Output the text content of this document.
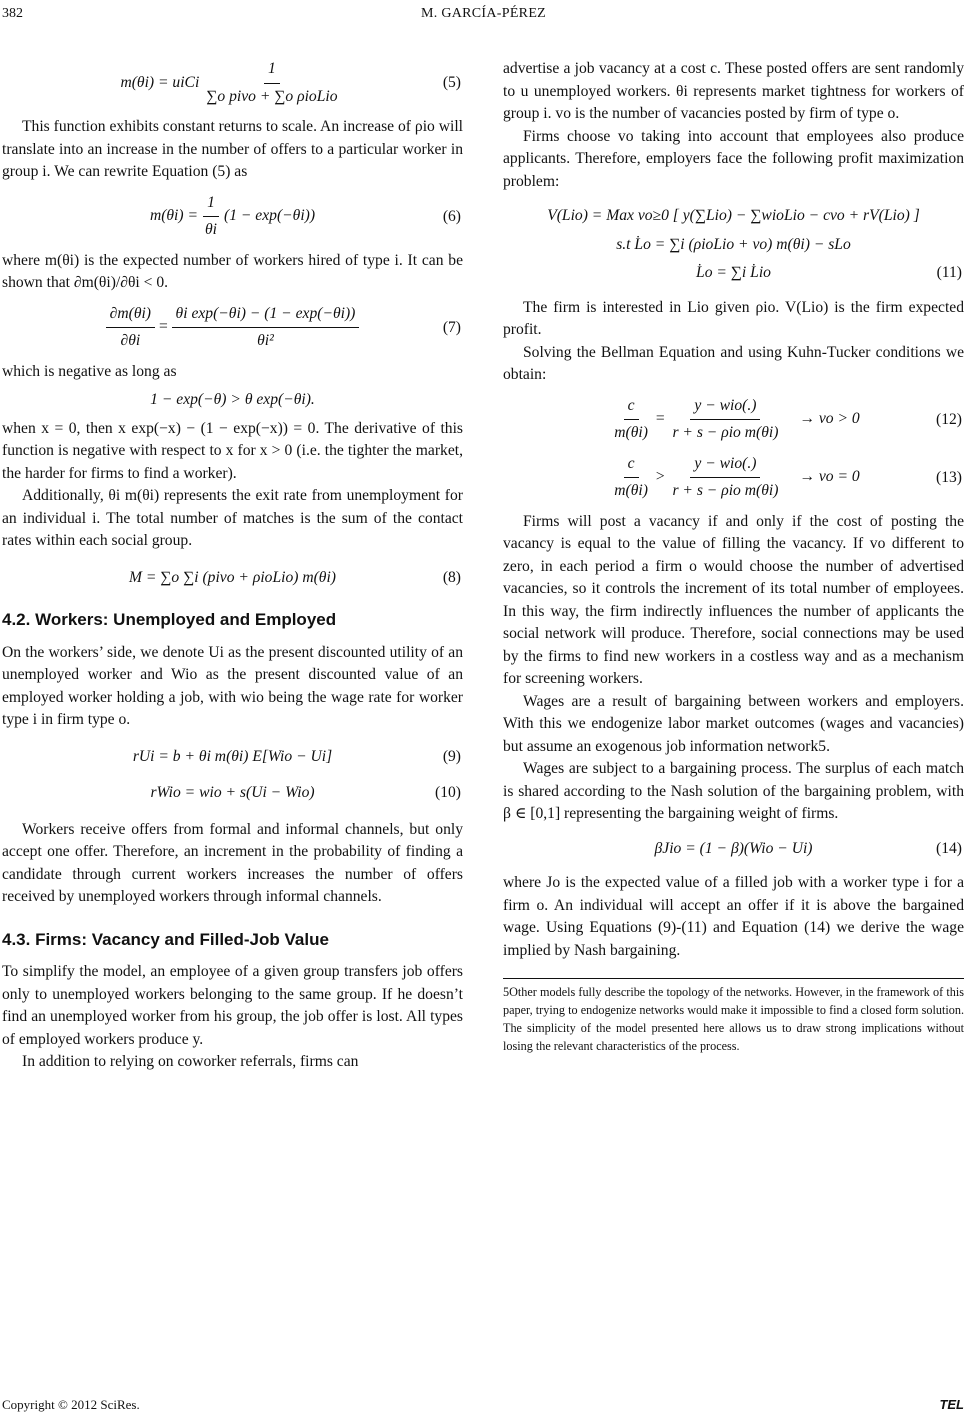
382	M. GARCÍA-PÉREZ
m(θi) = uiCi $\frac{1}{\text{∑o pivo + ∑o ρioLio}}$	(5)

This function exhibits constant returns to scale. An increase of ρio will translate into an increase in the number of offers to a particular worker in group i. We can rewrite Equation (5) as

$m(\theta i) = \frac{1}{\theta i} (1 - \exp(-\theta i))$	(6)

where m(θi) is the expected number of workers hired of type i. It can be shown that ∂m(θi)/∂θi < 0.

$\frac{\partial m(\theta i)}{\partial\theta i} = \frac{\text{θi exp(−θi) − (1 − exp(−θi))}}{\text{θi²}}$	(7)

which is negative as long as

1 − exp(−θ) > θ exp(−θi).

when x = 0, then x exp(−x) − (1 − exp(−x)) = 0. The derivative of this function is negative with respect to x for x > 0 (i.e. the tighter the market, the harder for firms to find a worker).

Additionally, θi m(θi) represents the exit rate from unemployment for an individual i. The total number of matches is the sum of the contact rates within each social group.

M = ∑o ∑i (pivo + ρioLio) m(θi)	(8)
4.2. Workers: Unemployed and Employed

On the workers’ side, we denote Ui as the present discounted utility of an unemployed worker and Wio as the present discounted value of an employed worker holding a job, with wio being the wage rate for worker type i in firm type o.

rUi = b + θi m(θi) E[Wio − Ui]	(9)
rWio = wio + s(Ui − Wio)	(10)

Workers receive offers from formal and informal channels, but only accept one offer. Therefore, an increment in the probability of finding a candidate through current workers increases the number of offers received by unemployed workers through informal channels.

4.3. Firms: Vacancy and Filled-Job Value

To simplify the model, an employee of a given group transfers job offers only to unemployed workers belonging to the same group. If he doesn’t find an unemployed worker from his group, the job offer is lost. All types of employed workers produce y.

In addition to relying on coworker referrals, firms can

advertise a job vacancy at a cost c. These posted offers are sent randomly to u unemployed workers. θi represents market tightness for workers of group i. vo is the number of vacancies posted by firm of type o.

Firms choose vo taking into account that employees also produce applicants. Therefore, employers face the following profit maximization problem:

V(Lio) = Max vo≥0 [ y(∑Lio) − ∑wioLio − cvo + rV(Lio) ]
s.t L̇o = ∑i (ρioLio + vo) m(θi) − sLo
L̇o = ∑i L̇io	(11)

The firm is interested in Lio given ρio. V(Lio) is the firm expected profit.

Solving the Bellman Equation and using Kuhn-Tucker conditions we obtain:

$\frac{c}{m(\theta i)} = \frac{\text{y − wio(.)}}{\text{r + s − ρio m(θi)}}$ → vo > 0	(12)
$\frac{c}{m(\theta i)} > \frac{\text{y − wio(.)}}{\text{r + s − ρio m(θi)}}$ → vo = 0	(13)

Firms will post a vacancy if and only if the cost of posting the vacancy is equal to the value of filling the vacancy. If vo different to zero, in each period a firm o would choose the number of advertised vacancies, so it controls the increment of its total number of employees. In this way, the firm indirectly influences the number of applicants the social network will produce. Therefore, social connections may be used by the firms to find new workers in a costless way and as a mechanism for screening workers.

Wages are a result of bargaining between workers and employers. With this we endogenize labor market outcomes (wages and vacancies) but assume an exogenous job information network5.

Wages are subject to a bargaining process. The surplus of each match is shared according to the Nash solution of the bargaining problem, with β ∈ [0,1] representing the bargaining weight of firms.

βJio = (1 − β)(Wio − Ui)	(14)

where Jo is the expected value of a filled job with a worker type i for a firm o. An individual will accept an offer if it is above the bargained wage. Using Equations (9)-(11) and Equation (14) we derive the wage implied by Nash bargaining.

5Other models fully describe the topology of the networks. However, in the framework of this paper, trying to endogenize networks would make it impossible to find a closed form solution. The simplicity of the model presented here allows us to draw strong implications without losing the relevant characteristics of the process.
Copyright © 2012 SciRes.	TEL
